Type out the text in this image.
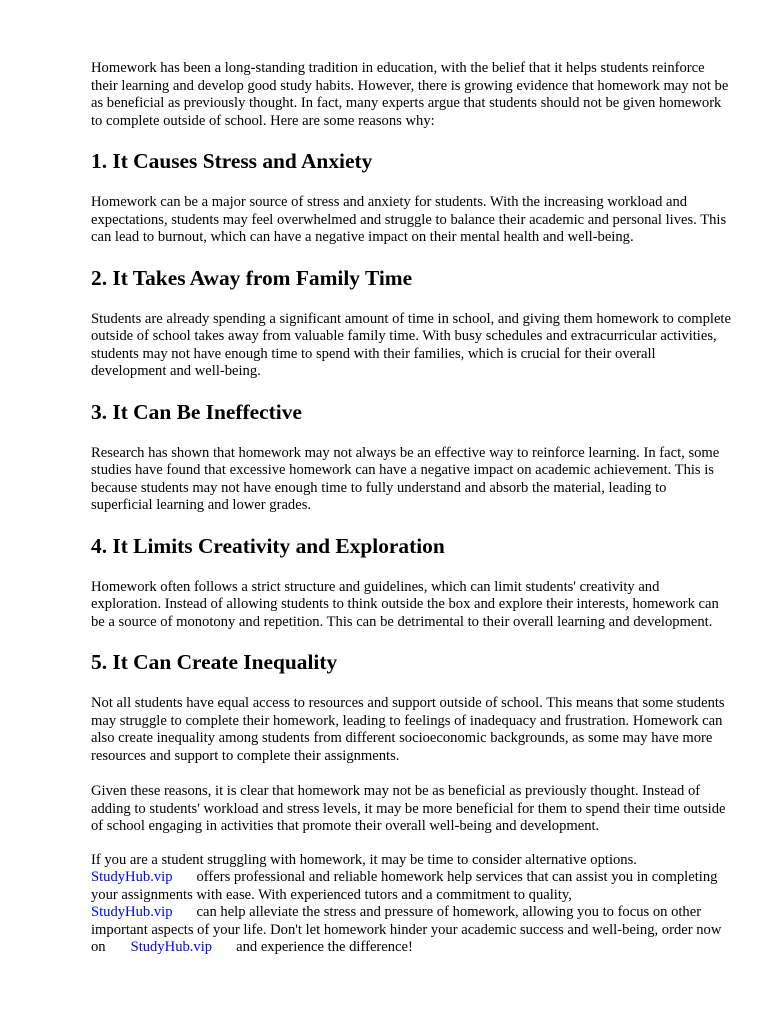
Homework has been a long-standing tradition in education, with the belief that it helps students reinforce their learning and develop good study habits. However, there is growing evidence that homework may not be as beneficial as previously thought. In fact, many experts argue that students should not be given homework to complete outside of school. Here are some reasons why:

1. It Causes Stress and Anxiety

Homework can be a major source of stress and anxiety for students. With the increasing workload and expectations, students may feel overwhelmed and struggle to balance their academic and personal lives. This can lead to burnout, which can have a negative impact on their mental health and well-being.

2. It Takes Away from Family Time

Students are already spending a significant amount of time in school, and giving them homework to complete outside of school takes away from valuable family time. With busy schedules and extracurricular activities, students may not have enough time to spend with their families, which is crucial for their overall development and well-being.

3. It Can Be Ineffective

Research has shown that homework may not always be an effective way to reinforce learning. In fact, some studies have found that excessive homework can have a negative impact on academic achievement. This is because students may not have enough time to fully understand and absorb the material, leading to superficial learning and lower grades.

4. It Limits Creativity and Exploration

Homework often follows a strict structure and guidelines, which can limit students' creativity and exploration. Instead of allowing students to think outside the box and explore their interests, homework can be a source of monotony and repetition. This can be detrimental to their overall learning and development.

5. It Can Create Inequality

Not all students have equal access to resources and support outside of school. This means that some students may struggle to complete their homework, leading to feelings of inadequacy and frustration. Homework can also create inequality among students from different socioeconomic backgrounds, as some may have more resources and support to complete their assignments.

Given these reasons, it is clear that homework may not be as beneficial as previously thought. Instead of adding to students' workload and stress levels, it may be more beneficial for them to spend their time outside of school engaging in activities that promote their overall well-being and development.

If you are a student struggling with homework, it may be time to consider alternative options.
StudyHub.vip offers professional and reliable homework help services that can assist you in completing your assignments with ease. With experienced tutors and a commitment to quality,
StudyHub.vip can help alleviate the stress and pressure of homework, allowing you to focus on other important aspects of your life. Don't let homework hinder your academic success and well-being, order now on StudyHub.vip and experience the difference!
